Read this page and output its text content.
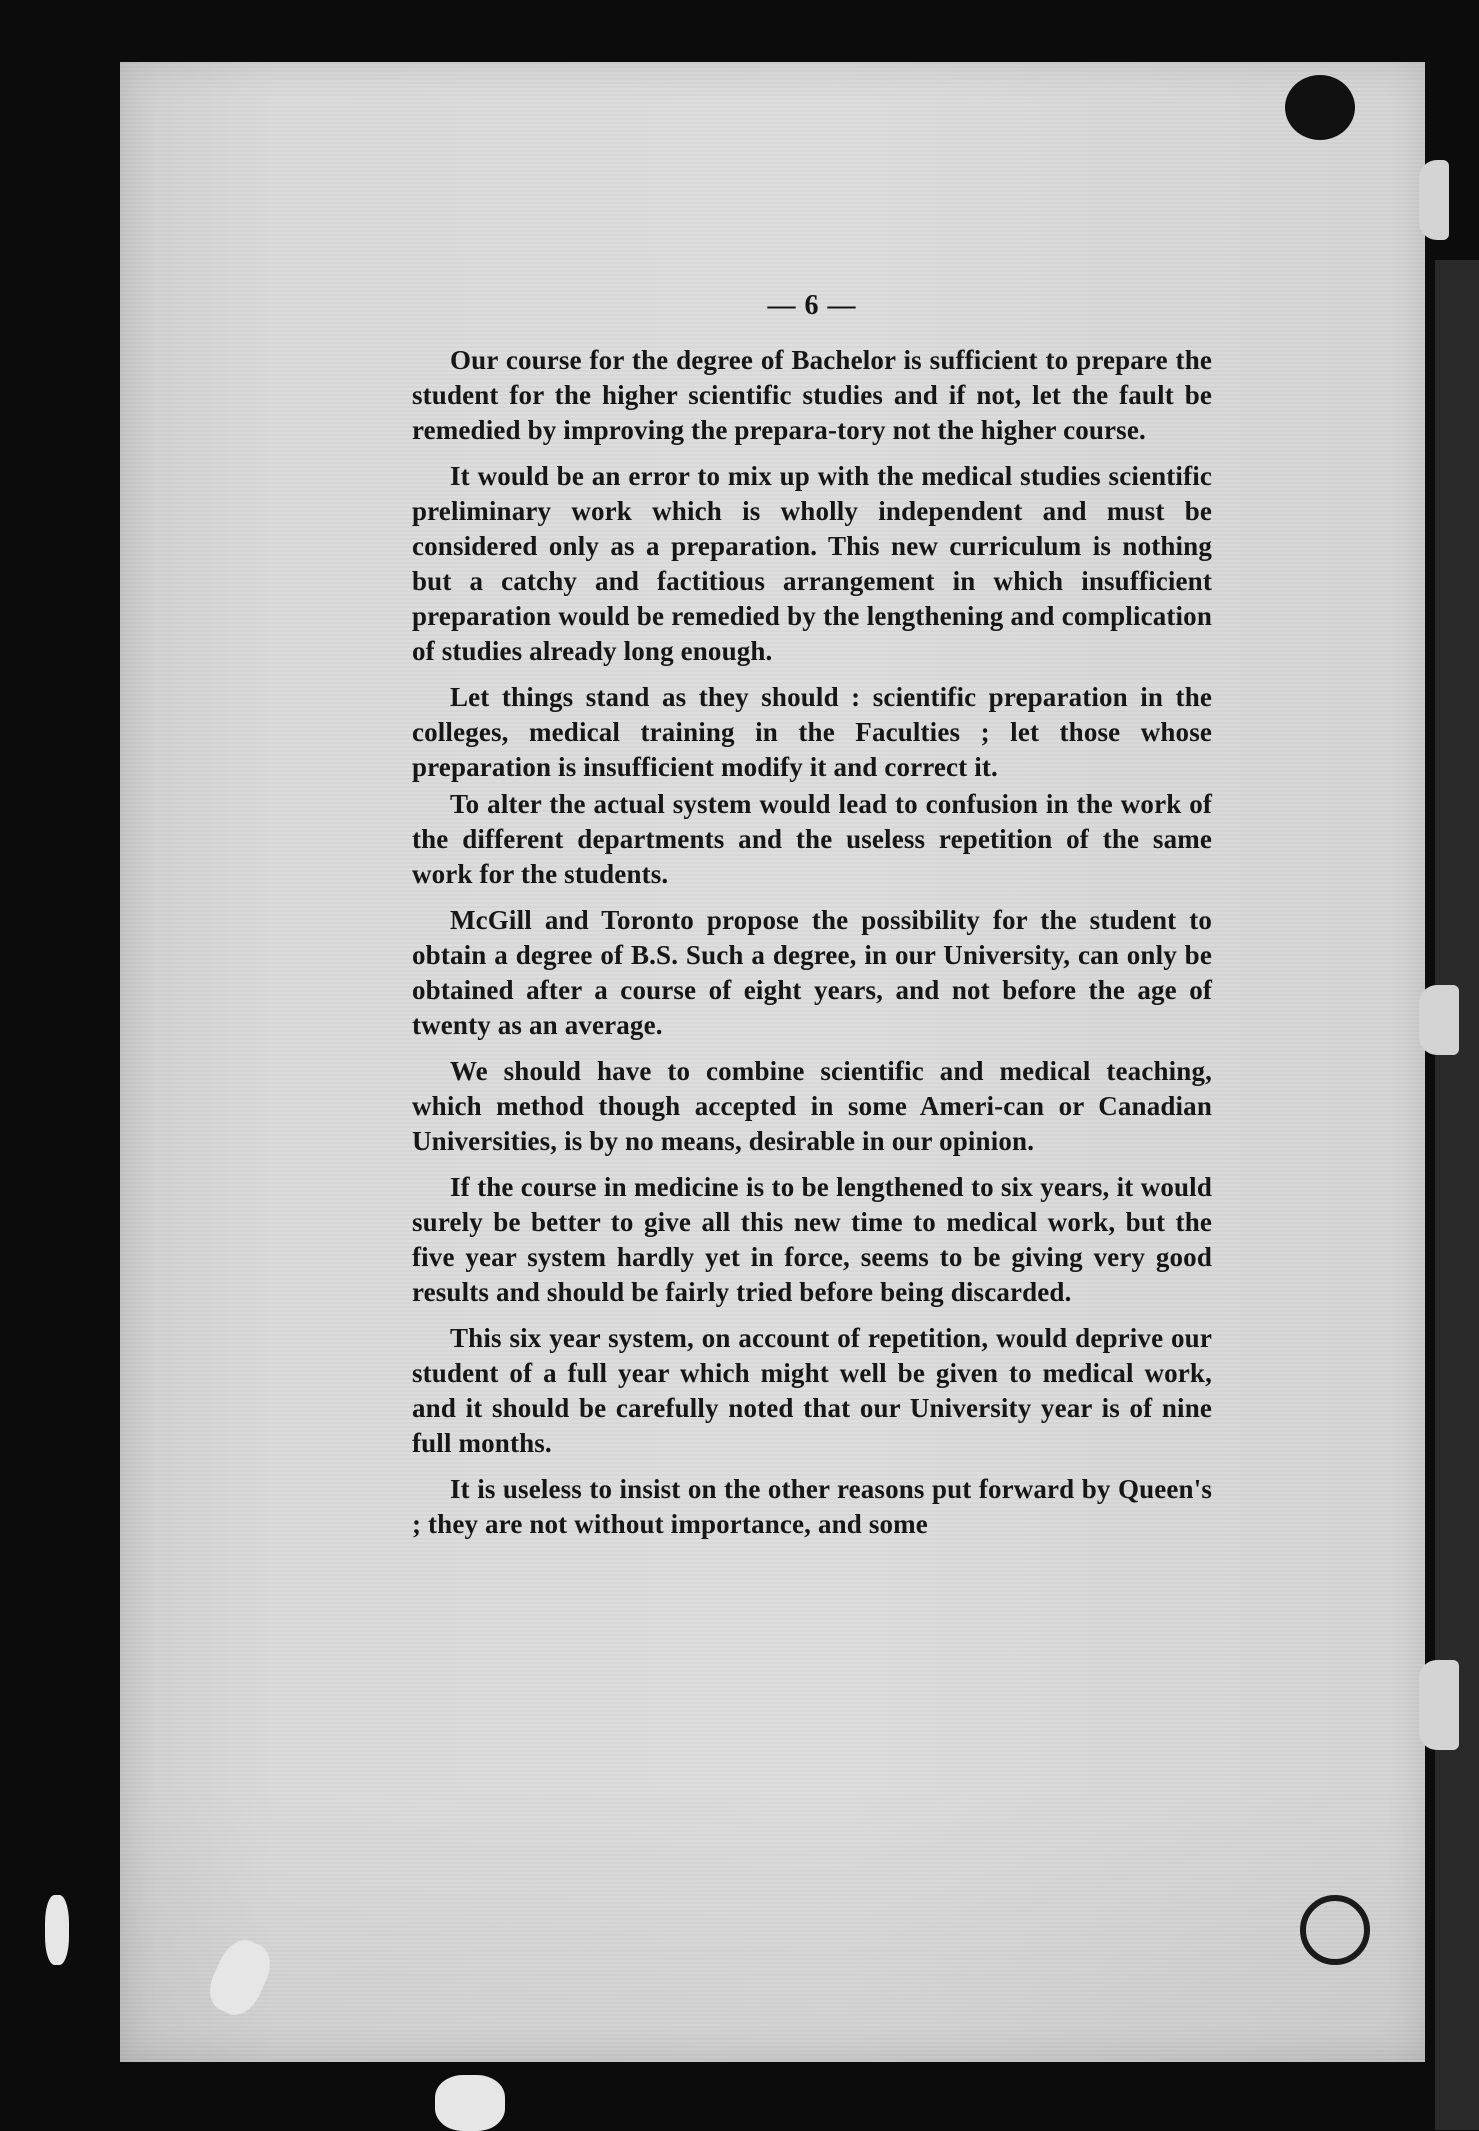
— 6 —

Our course for the degree of Bachelor is sufficient to prepare the student for the higher scientific studies and if not, let the fault be remedied by improving the prepara-tory not the higher course.

It would be an error to mix up with the medical studies scientific preliminary work which is wholly independent and must be considered only as a preparation. This new curriculum is nothing but a catchy and factitious arrangement in which insufficient preparation would be remedied by the lengthening and complication of studies already long enough.

Let things stand as they should : scientific preparation in the colleges, medical training in the Faculties ; let those whose preparation is insufficient modify it and correct it.

To alter the actual system would lead to confusion in the work of the different departments and the useless repetition of the same work for the students.

McGill and Toronto propose the possibility for the student to obtain a degree of B.S. Such a degree, in our University, can only be obtained after a course of eight years, and not before the age of twenty as an average.

We should have to combine scientific and medical teaching, which method though accepted in some Ameri-can or Canadian Universities, is by no means, desirable in our opinion.

If the course in medicine is to be lengthened to six years, it would surely be better to give all this new time to medical work, but the five year system hardly yet in force, seems to be giving very good results and should be fairly tried before being discarded.

This six year system, on account of repetition, would deprive our student of a full year which might well be given to medical work, and it should be carefully noted that our University year is of nine full months.

It is useless to insist on the other reasons put forward by Queen's ; they are not without importance, and some
